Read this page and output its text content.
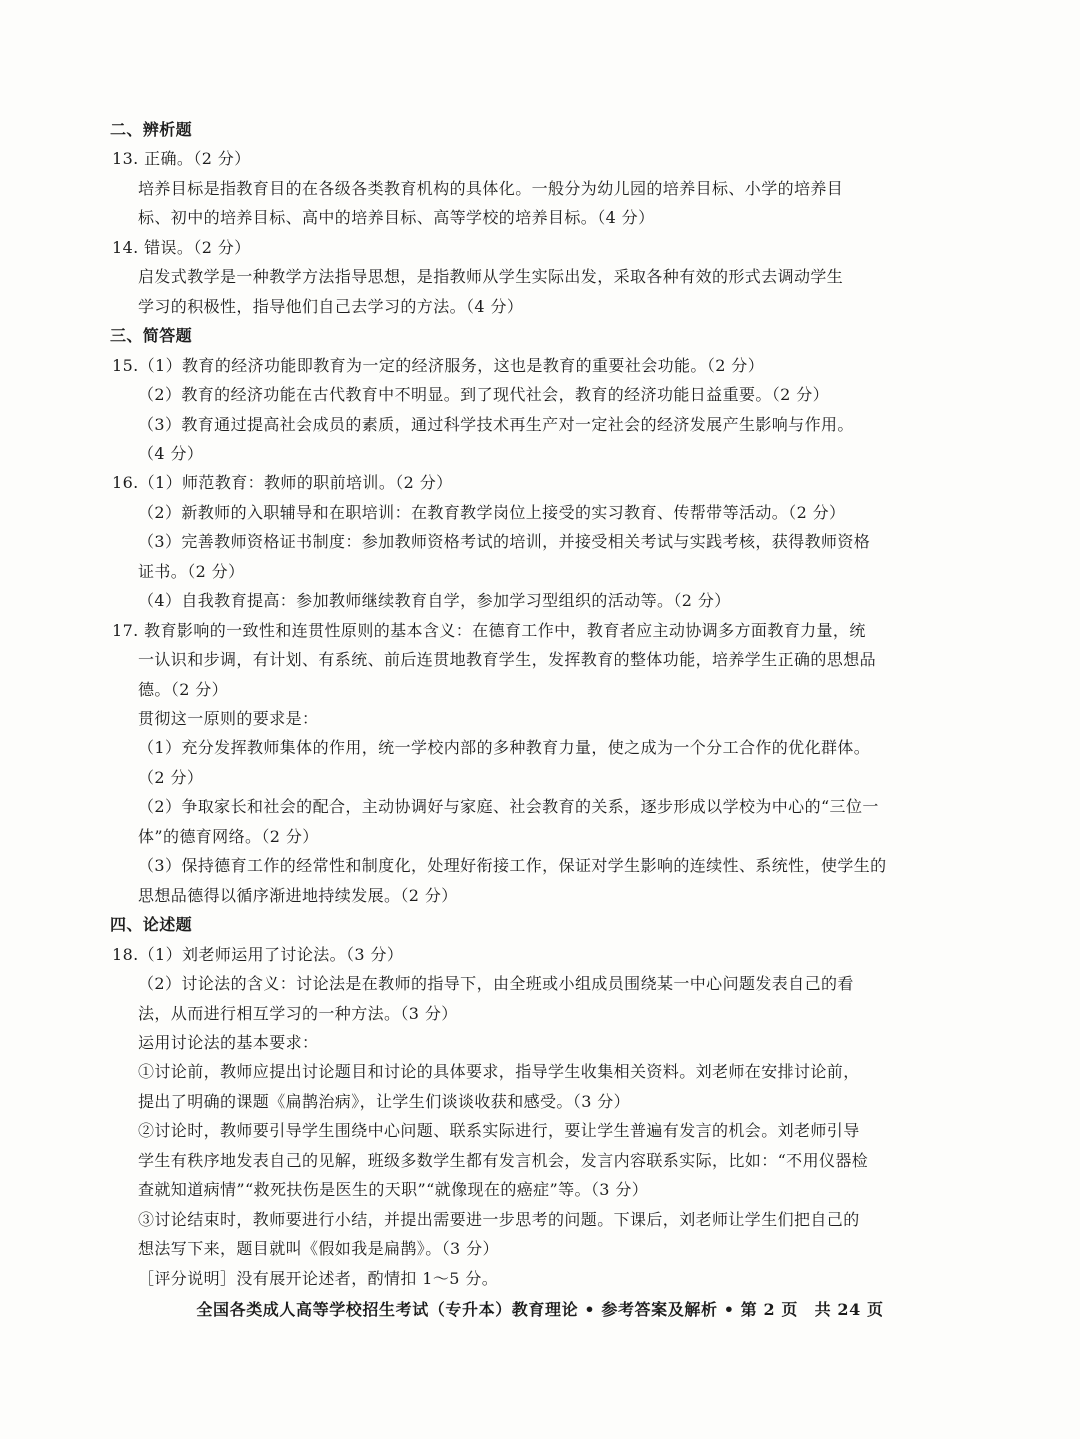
二、辨析题
13. 正确。（2 分）
培养目标是指教育目的在各级各类教育机构的具体化。一般分为幼儿园的培养目标、小学的培养目
标、初中的培养目标、高中的培养目标、高等学校的培养目标。（4 分）
14. 错误。（2 分）
启发式教学是一种教学方法指导思想，是指教师从学生实际出发，采取各种有效的形式去调动学生
学习的积极性，指导他们自己去学习的方法。（4 分）
三、简答题
15.（1）教育的经济功能即教育为一定的经济服务，这也是教育的重要社会功能。（2 分）
（2）教育的经济功能在古代教育中不明显。到了现代社会，教育的经济功能日益重要。（2 分）
（3）教育通过提高社会成员的素质，通过科学技术再生产对一定社会的经济发展产生影响与作用。
（4 分）
16.（1）师范教育：教师的职前培训。（2 分）
（2）新教师的入职辅导和在职培训：在教育教学岗位上接受的实习教育、传帮带等活动。（2 分）
（3）完善教师资格证书制度：参加教师资格考试的培训，并接受相关考试与实践考核，获得教师资格
证书。（2 分）
（4）自我教育提高：参加教师继续教育自学，参加学习型组织的活动等。（2 分）
17. 教育影响的一致性和连贯性原则的基本含义：在德育工作中，教育者应主动协调多方面教育力量，统
一认识和步调，有计划、有系统、前后连贯地教育学生，发挥教育的整体功能，培养学生正确的思想品
德。（2 分）
贯彻这一原则的要求是：
（1）充分发挥教师集体的作用，统一学校内部的多种教育力量，使之成为一个分工合作的优化群体。
（2 分）
（2）争取家长和社会的配合，主动协调好与家庭、社会教育的关系，逐步形成以学校为中心的“三位一
体”的德育网络。（2 分）
（3）保持德育工作的经常性和制度化，处理好衔接工作，保证对学生影响的连续性、系统性，使学生的
思想品德得以循序渐进地持续发展。（2 分）
四、论述题
18.（1）刘老师运用了讨论法。（3 分）
（2）讨论法的含义：讨论法是在教师的指导下，由全班或小组成员围绕某一中心问题发表自己的看
法，从而进行相互学习的一种方法。（3 分）
运用讨论法的基本要求：
①讨论前，教师应提出讨论题目和讨论的具体要求，指导学生收集相关资料。刘老师在安排讨论前，
提出了明确的课题《扁鹊治病》，让学生们谈谈收获和感受。（3 分）
②讨论时，教师要引导学生围绕中心问题、联系实际进行，要让学生普遍有发言的机会。刘老师引导
学生有秩序地发表自己的见解，班级多数学生都有发言机会，发言内容联系实际，比如：“不用仪器检
查就知道病情”“救死扶伤是医生的天职”“就像现在的癌症”等。（3 分）
③讨论结束时，教师要进行小结，并提出需要进一步思考的问题。下课后，刘老师让学生们把自己的
想法写下来，题目就叫《假如我是扁鹊》。（3 分）
［评分说明］没有展开论述者，酌情扣 1～5 分。
全国各类成人高等学校招生考试（专升本）教育理论 • 参考答案及解析 • 第 2 页　共 24 页
